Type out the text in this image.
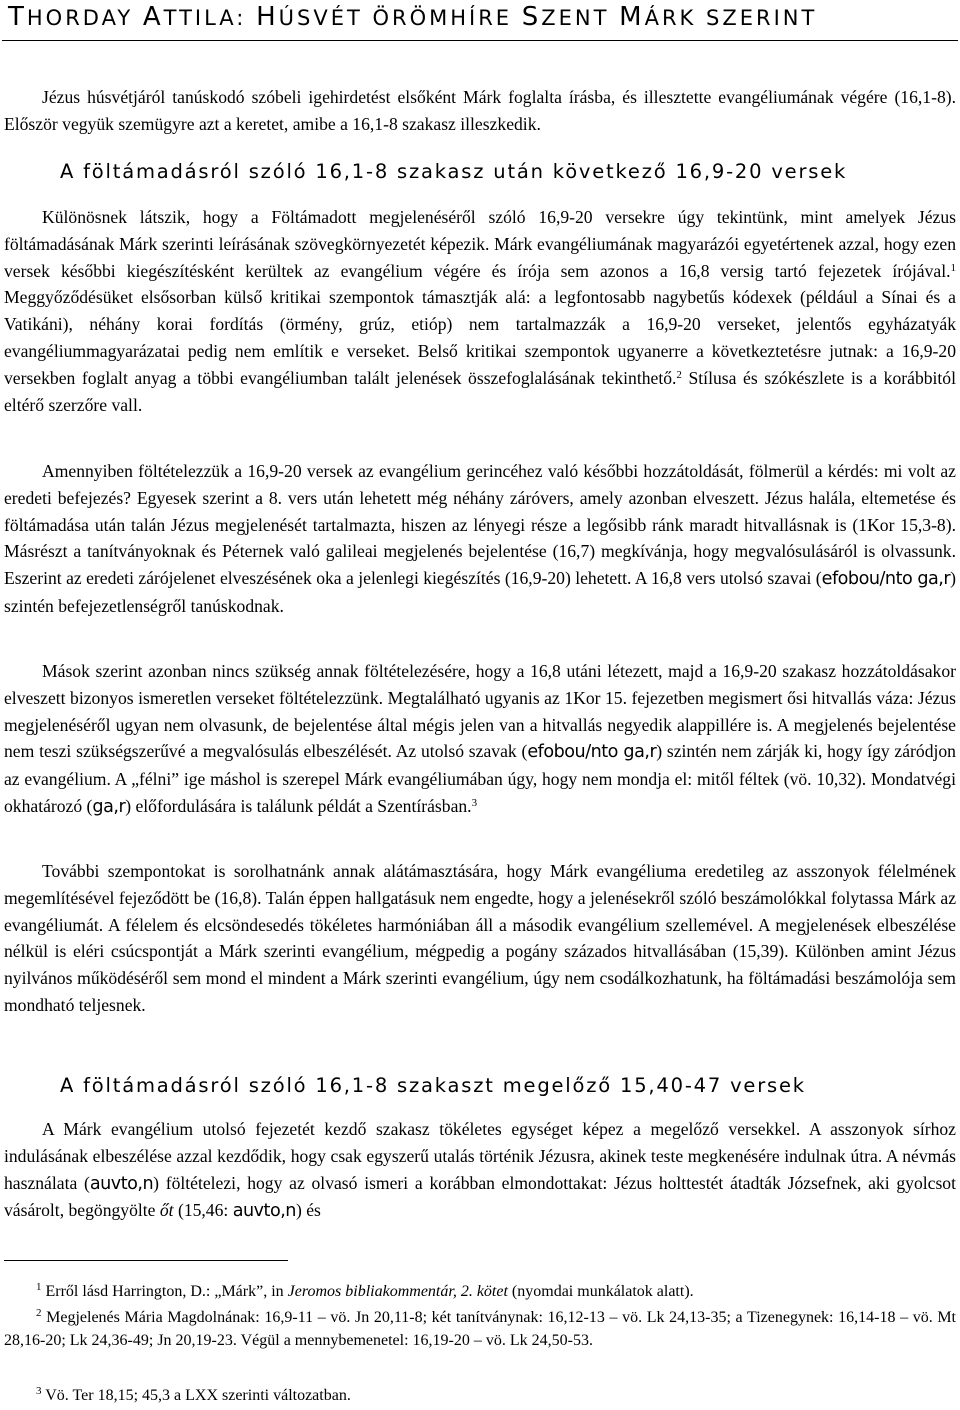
THORDAY ATTILA: HÚSVÉT ÖRÖMHÍRE SZENT MÁRK SZERINT

Jézus húsvétjáról tanúskodó szóbeli igehirdetést elsőként Márk foglalta írásba, és illesztette evangéliumának végére (16,1-8). Először vegyük szemügyre azt a keretet, amibe a 16,1-8 szakasz illeszkedik.

A föltámadásról szóló 16,1-8 szakasz után következő 16,9-20 versek

Különösnek látszik, hogy a Föltámadott megjelenéséről szóló 16,9-20 versekre úgy tekintünk, mint amelyek Jézus föltámadásának Márk szerinti leírásának szövegkörnyezetét képezik. Márk evangéliumának magyarázói egyetértenek azzal, hogy ezen versek későbbi kiegészítésként kerültek az evangélium végére és írója sem azonos a 16,8 versig tartó fejezetek írójával.$^1$ Meggyőződésüket elsősorban külső kritikai szempontok támasztják alá: a legfontosabb nagybetűs kódexek (például a Sínai és a Vatikáni), néhány korai fordítás (örmény, grúz, etióp) nem tartalmazzák a 16,9-20 verseket, jelentős egyházatyák evangéliummagyarázatai pedig nem említik e verseket. Belső kritikai szempontok ugyanerre a következtetésre jutnak: a 16,9-20 versekben foglalt anyag a többi evangéliumban talált jelenések összefoglalásának tekinthető.$^2$ Stílusa és szókészlete is a korábbitól eltérő szerzőre vall.

Amennyiben föltételezzük a 16,9-20 versek az evangélium gerincéhez való későbbi hozzátoldását, fölmerül a kérdés: mi volt az eredeti befejezés? Egyesek szerint a 8. vers után lehetett még néhány záróvers, amely azonban elveszett. Jézus halála, eltemetése és föltámadása után talán Jézus megjelenését tartalmazta, hiszen az lényegi része a legősibb ránk maradt hitvallásnak is (1Kor 15,3-8). Másrészt a tanítványoknak és Péternek való galileai megjelenés bejelentése (16,7) megkívánja, hogy megvalósulásáról is olvassunk. Eszerint az eredeti zárójelenet elveszésének oka a jelenlegi kiegészítés (16,9-20) lehetett. A 16,8 vers utolsó szavai (efobou/nto ga,r) szintén befejezetlenségről tanúskodnak.

Mások szerint azonban nincs szükség annak föltételezésére, hogy a 16,8 utáni létezett, majd a 16,9-20 szakasz hozzátoldásakor elveszett bizonyos ismeretlen verseket föltételezzünk. Megtalálható ugyanis az 1Kor 15. fejezetben megismert ősi hitvallás váza: Jézus megjelenéséről ugyan nem olvasunk, de bejelentése által mégis jelen van a hitvallás negyedik alappillére is. A megjelenés bejelentése nem teszi szükségszerűvé a megvalósulás elbeszélését. Az utolsó szavak (efobou/nto ga,r) szintén nem zárják ki, hogy így záródjon az evangélium. A „félni” ige máshol is szerepel Márk evangéliumában úgy, hogy nem mondja el: mitől féltek (vö. 10,32). Mondatvégi okhatározó (ga,r) előfordulására is találunk példát a Szentírásban.$^3$

További szempontokat is sorolhatnánk annak alátámasztására, hogy Márk evangéliuma eredetileg az asszonyok félelmének megemlítésével fejeződött be (16,8). Talán éppen hallgatásuk nem engedte, hogy a jelenésekről szóló beszámolókkal folytassa Márk az evangéliumát. A félelem és elcsöndesedés tökéletes harmóniában áll a második evangélium szellemével. A megjelenések elbeszélése nélkül is eléri csúcspontját a Márk szerinti evangélium, mégpedig a pogány százados hitvallásában (15,39). Különben amint Jézus nyilvános működéséről sem mond el mindent a Márk szerinti evangélium, úgy nem csodálkozhatunk, ha föltámadási beszámolója sem mondható teljesnek.

A föltámadásról szóló 16,1-8 szakaszt megelőző 15,40-47 versek

A Márk evangélium utolsó fejezetét kezdő szakasz tökéletes egységet képez a megelőző versekkel. A asszonyok sírhoz indulásának elbeszélése azzal kezdődik, hogy csak egyszerű utalás történik Jézusra, akinek teste megkenésére indulnak útra. A névmás használata (auvto,n) föltételezi, hogy az olvasó ismeri a korábban elmondottakat: Jézus holttestét átadták Józsefnek, aki gyolcsot vásárolt, begöngyölte őt (15,46: auvto,n) és

$^1$ Erről lásd Harrington, D.: „Márk”, in Jeromos bibliakommentár, 2. kötet (nyomdai munkálatok alatt).

$^2$ Megjelenés Mária Magdolnának: 16,9-11 – vö. Jn 20,11-8; két tanítványnak: 16,12-13 – vö. Lk 24,13-35; a Tizenegynek: 16,14-18 – vö. Mt 28,16-20; Lk 24,36-49; Jn 20,19-23. Végül a mennybemenetel: 16,19-20 – vö. Lk 24,50-53.

$^3$ Vö. Ter 18,15; 45,3 a LXX szerinti változatban.
